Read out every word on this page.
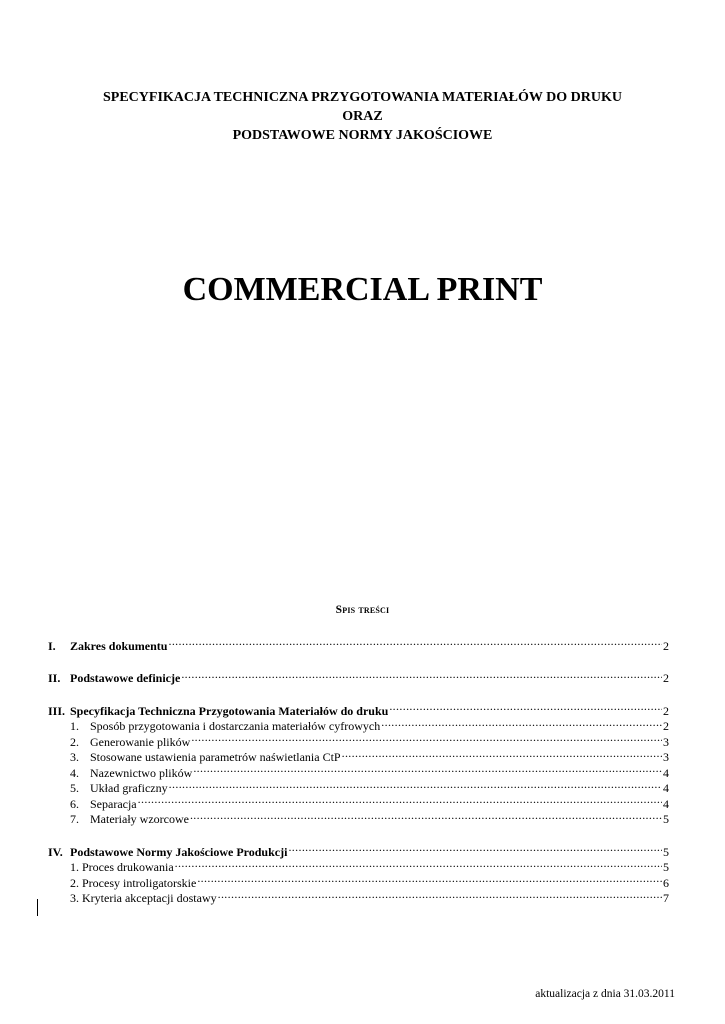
SPECYFIKACJA TECHNICZNA PRZYGOTOWANIA MATERIAŁÓW DO DRUKU
ORAZ
PODSTAWOWE NORMY JAKOŚCIOWE
COMMERCIAL PRINT
Spis treści
I.	Zakres dokumentu .....	2
II. Podstawowe definicje .....	2
III. Specyfikacja Techniczna Przygotowania Materiałów do druku .....	2
1. Sposób przygotowania i dostarczania materiałów cyfrowych .....	2
2. Generowanie plików .....	3
3. Stosowane ustawienia parametrów naświetlania CtP .....	3
4. Nazewnictwo plików .....	4
5. Układ graficzny .....	4
6. Separacja .....	4
7. Materiały wzorcowe .....	5
IV. Podstawowe Normy Jakościowe Produkcji .....	5
1. Proces drukowania .....	5
2. Procesy introligatorskie .....	6
3. Kryteria akceptacji dostawy .....	7
aktualizacja z dnia 31.03.2011
